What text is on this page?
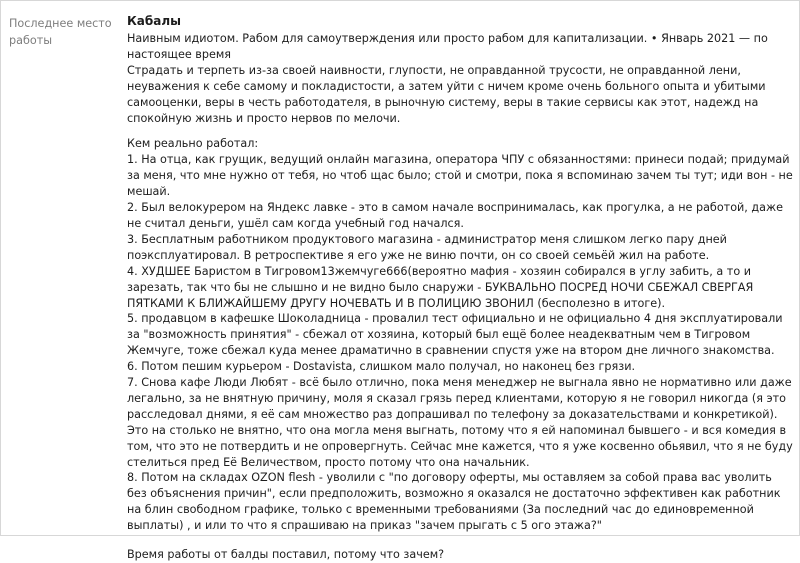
Последнее место работы
Кабалы

Наивным идиотом. Рабом для самоутверждения или просто рабом для капитализации. • Январь 2021 — по настоящее время

Страдать и терпеть из-за своей наивности, глупости, не оправданной трусости, не оправданной лени, неуважения к себе самому и покладистости, а затем уйти с ничем кроме очень больного опыта и убитыми самооценки, веры в честь работодателя, в рыночную систему, веры в такие сервисы как этот, надежд на спокойную жизнь и просто нервов по мелочи.

Кем реально работал:

1. На отца, как грущик, ведущий онлайн магазина, оператора ЧПУ с обязанностями: принеси подай; придумай за меня, что мне нужно от тебя, но чтоб щас было; стой и смотри, пока я вспоминаю зачем ты тут; иди вон - не мешай.

2. Был велокурером на Яндекс лавке - это в самом начале воспринималась, как прогулка, а не работой, даже не считал деньги, ушёл сам когда учебный год начался.

3. Бесплатным работником продуктового магазина - администратор меня слишком легко пару дней поэксплуатировал. В ретроспективе я его уже не виню почти, он со своей семьёй жил на работе.

4. ХУДШЕЕ Баристом в Тигровом13жемчуге666(вероятно мафия - хозяин собирался в углу забить, а то и зарезать, так что бы не слышно и не видно было снаружи - БУКВАЛЬНО ПОСРЕД НОЧИ СБЕЖАЛ СВЕРГАЯ ПЯТКАМИ К БЛИЖАЙШЕМУ ДРУГУ НОЧЕВАТЬ И В ПОЛИЦИЮ ЗВОНИЛ (бесполезно в итоге).

5. продавцом в кафешке Шоколадница - провалил тест официально и не официально 4 дня эксплуатировали за "возможность принятия" - сбежал от хозяина, который был ещё более неадекватным чем в Тигровом Жемчуге, тоже сбежал куда менее драматично в сравнении спустя уже на втором дне личного знакомства.

6. Потом пешим курьером - Dostavista, слишком мало получал, но наконец без грязи.

7. Снова кафе Люди Любят - всё было отлично, пока меня менеджер не выгнала явно не нормативно или даже легально, за не внятную причину, моля я сказал грязь перед клиентами, которую я не говорил никогда (я это расследовал днями, я её сам множество раз допрашивал по телефону за доказательствами и конкретикой). Это на столько не внятно, что она могла меня выгнать, потому что я ей напоминал бывшего - и вся комедия в том, что это не потвердить и не опровергнуть. Сейчас мне кажется, что я уже косвенно обьявил, что я не буду стелиться пред Её Величеством, просто потому что она начальник.

8. Потом на складах OZON flesh - уволили с "по договору оферты, мы оставляем за собой права вас уволить без объяснения причин", если предположить, возможно я оказался не достаточно эффективен как работник на блин свободном графике, только с временными требованиями (За последний час до единовременной выплаты) , и или то что я спрашиваю на приказ "зачем прыгать с 5 ого этажа?"

Время работы от балды поставил, потому что зачем?
